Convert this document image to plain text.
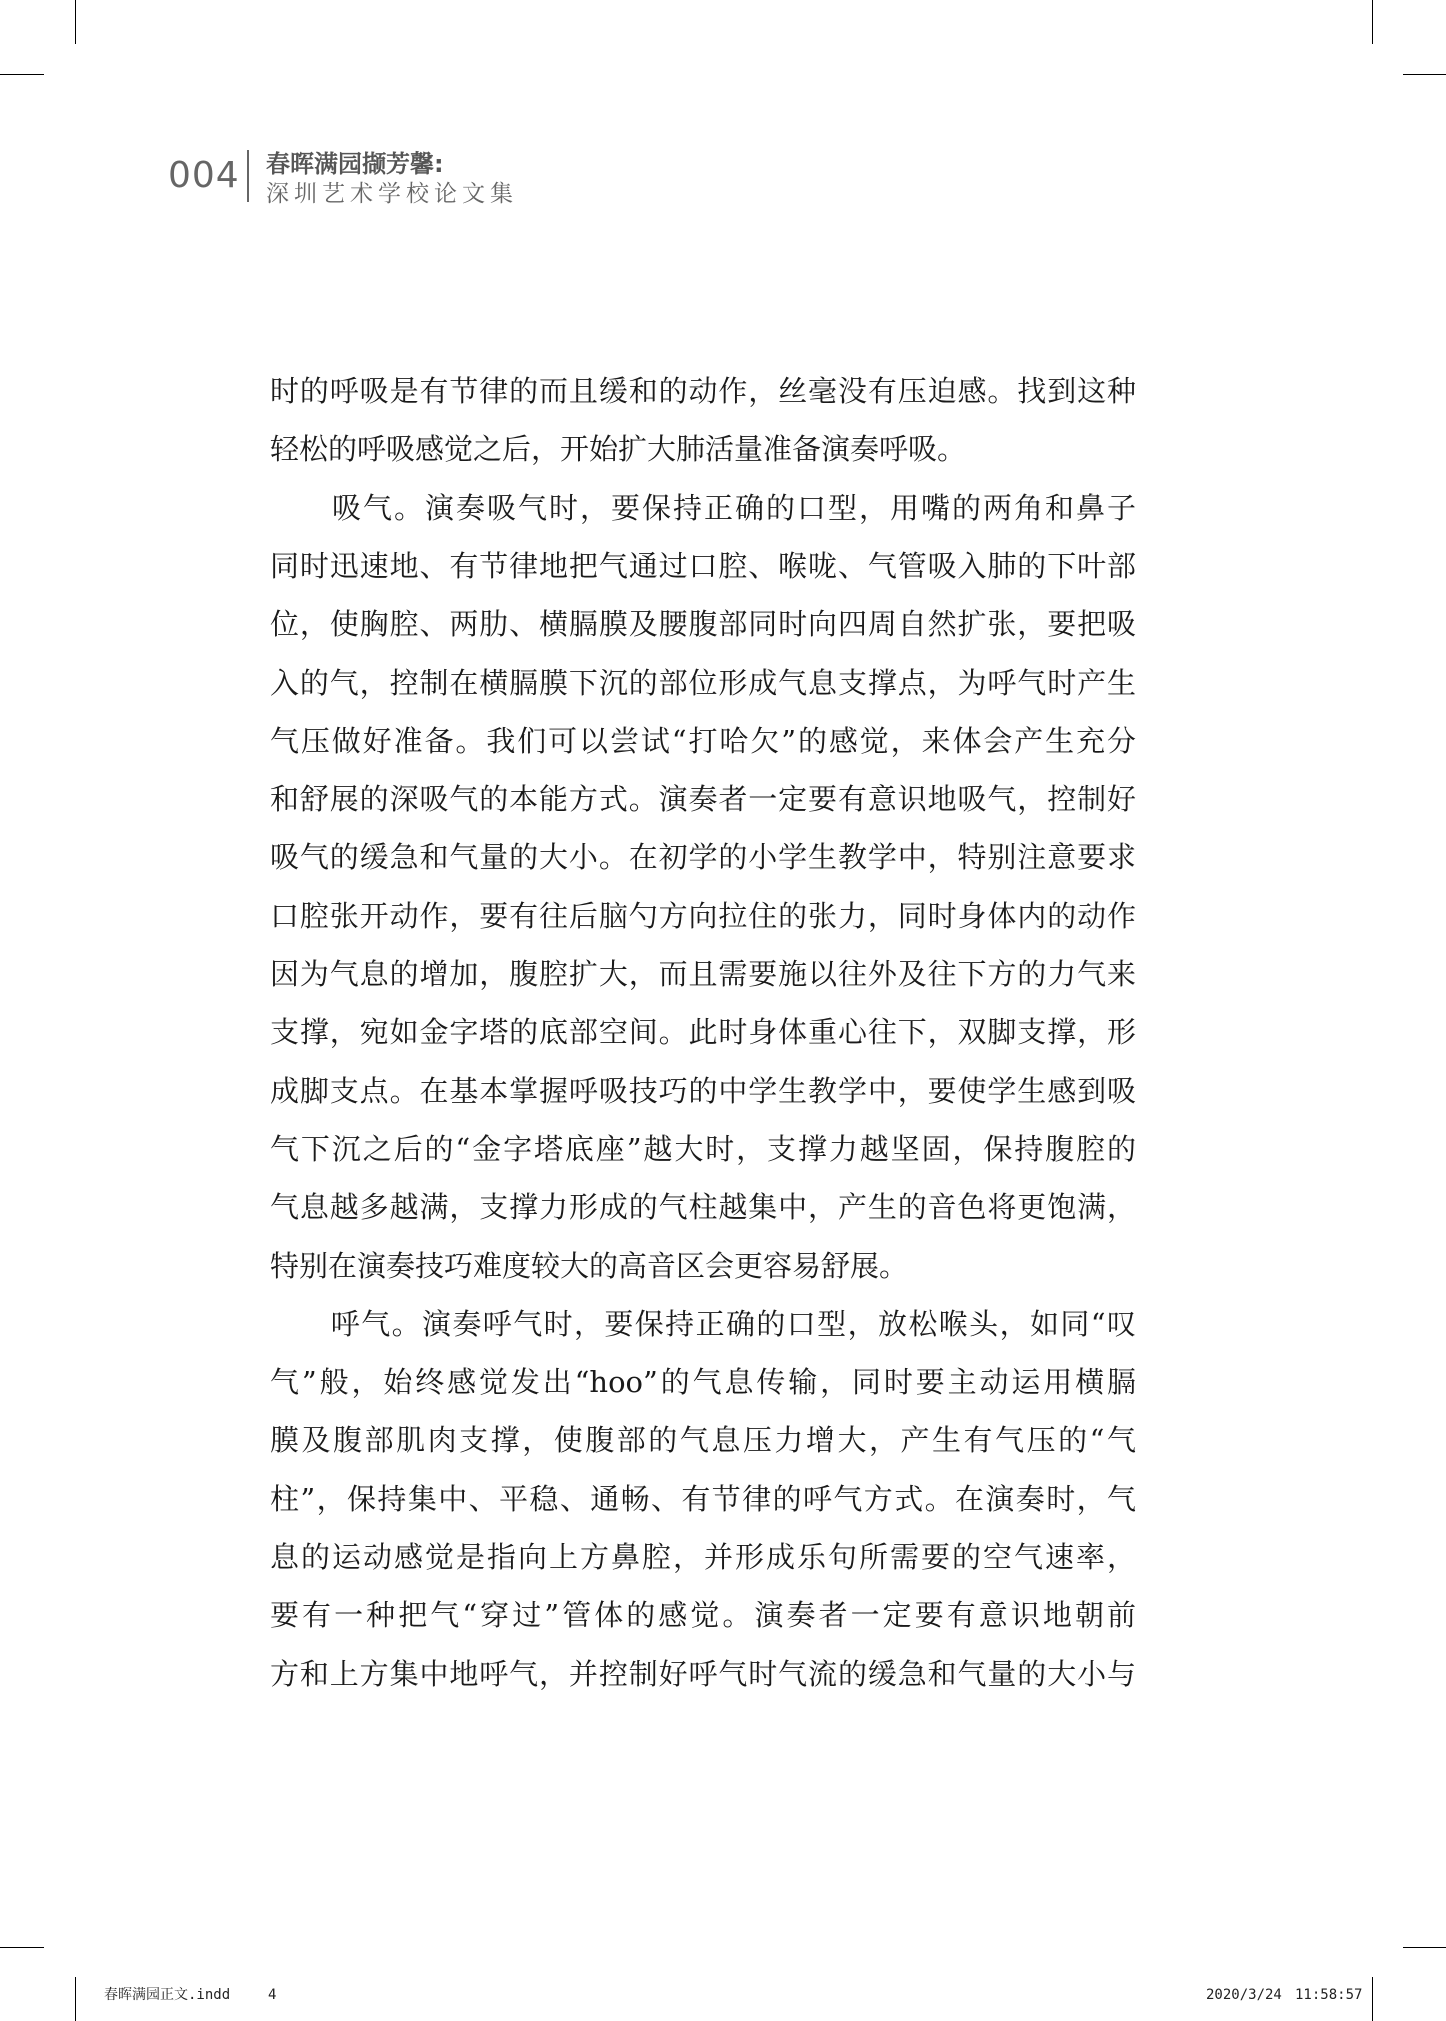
004 春晖满园撷芳馨:
深圳艺术学校论文集
时的呼吸是有节律的而且缓和的动作，丝毫没有压迫感。找到这种
轻松的呼吸感觉之后，开始扩大肺活量准备演奏呼吸。
　　吸气。演奏吸气时，要保持正确的口型，用嘴的两角和鼻子
同时迅速地、有节律地把气通过口腔、喉咙、气管吸入肺的下叶部
位，使胸腔、两肋、横膈膜及腰腹部同时向四周自然扩张，要把吸
入的气，控制在横膈膜下沉的部位形成气息支撑点，为呼气时产生
气压做好准备。我们可以尝试“打哈欠”的感觉，来体会产生充分
和舒展的深吸气的本能方式。演奏者一定要有意识地吸气，控制好
吸气的缓急和气量的大小。在初学的小学生教学中，特别注意要求
口腔张开动作，要有往后脑勺方向拉住的张力，同时身体内的动作
因为气息的增加，腹腔扩大，而且需要施以往外及往下方的力气来
支撑，宛如金字塔的底部空间。此时身体重心往下，双脚支撑，形
成脚支点。在基本掌握呼吸技巧的中学生教学中，要使学生感到吸
气下沉之后的“金字塔底座”越大时，支撑力越坚固，保持腹腔的
气息越多越满，支撑力形成的气柱越集中，产生的音色将更饱满，
特别在演奏技巧难度较大的高音区会更容易舒展。
　　呼气。演奏呼气时，要保持正确的口型，放松喉头，如同“叹
气”般，始终感觉发出“hoo”的气息传输，同时要主动运用横膈
膜及腹部肌肉支撑，使腹部的气息压力增大，产生有气压的“气
柱”，保持集中、平稳、通畅、有节律的呼气方式。在演奏时，气
息的运动感觉是指向上方鼻腔，并形成乐句所需要的空气速率，
要有一种把气“穿过”管体的感觉。演奏者一定要有意识地朝前
方和上方集中地呼气，并控制好呼气时气流的缓急和气量的大小与
春晖满园正文.indd	4	2020/3/24 11:58:57
